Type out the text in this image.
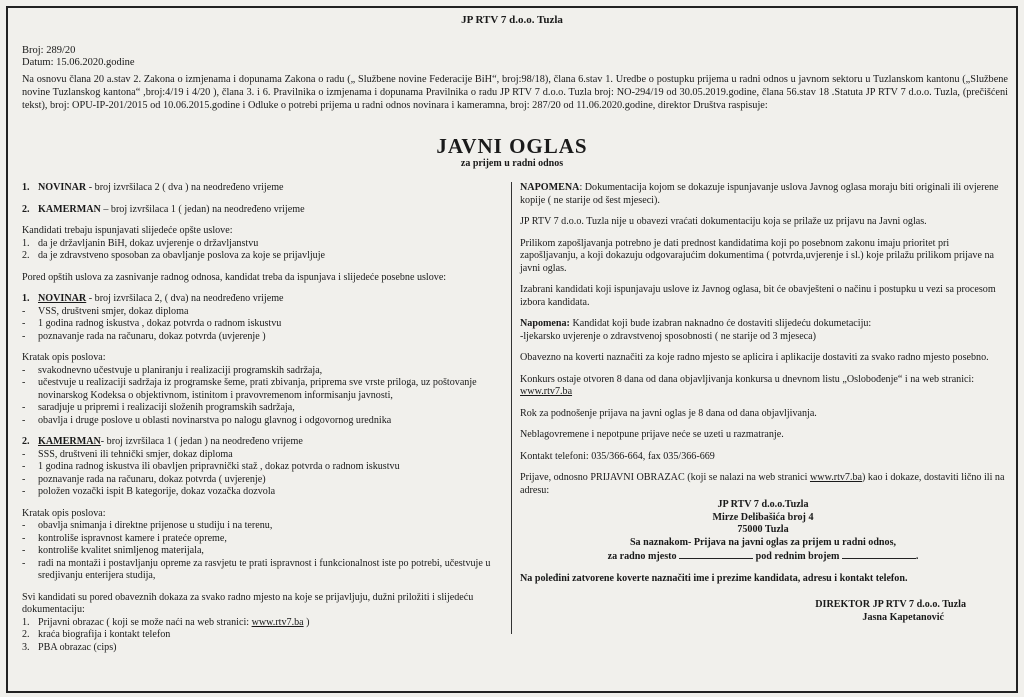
JP RTV 7 d.o.o. Tuzla
Broj: 289/20
Datum: 15.06.2020.godine
Na osnovu člana 20 a.stav 2. Zakona o izmjenama i dopunama Zakona o radu („ Službene novine Federacije BiH“, broj:98/18), člana 6.stav 1. Uredbe o postupku prijema u radni odnos u javnom sektoru u Tuzlanskom kantonu („Službene novine Tuzlanskog kantona“ ,broj:4/19 i 4/20 ), člana 3. i 6. Pravilnika o izmjenama i dopunama Pravilnika o radu JP RTV 7 d.o.o. Tuzla broj: NO-294/19 od 30.05.2019.godine, člana 56.stav 18 .Statuta JP RTV 7 d.o.o. Tuzla, (prečišćeni tekst), broj: OPU-IP-201/2015 od 10.06.2015.godine i Odluke o potrebi prijema u radni odnos novinara i kameramna, broj: 287/20 od 11.06.2020.godine, direktor Društva raspisuje:
JAVNI OGLAS
za prijem u radni odnos
1. NOVINAR - broj izvršilaca 2 ( dva ) na neodređeno vrijeme
2. KAMERMAN – broj izvršilaca 1 ( jedan) na neodređeno vrijeme
Kandidati trebaju ispunjavati slijedeće opšte uslove:
1. da je državljanin BiH, dokaz uvjerenje o državljanstvu
2. da je zdravstveno sposoban za obavljanje poslova za koje se prijavljuje
Pored opštih uslova za zasnivanje radnog odnosa, kandidat treba da ispunjava i slijedeće posebne uslove:
1. NOVINAR - broj izvršilaca 2, ( dva) na neodređeno vrijeme
-	VSS, društveni smjer, dokaz diploma
-	1 godina radnog iskustva , dokaz potvrda o radnom iskustvu
-	poznavanje rada na računaru, dokaz potvrda (uvjerenje )
Kratak opis poslova:
-	svakodnevno učestvuje u planiranju i realizaciji programskih sadržaja,
-	učestvuje u realizaciji sadržaja iz programske šeme, prati zbivanja, priprema sve vrste priloga, uz poštovanje novinarskog Kodeksa o objektivnom, istinitom i pravovremenom informisanju javnosti,
-	saradjuje u pripremi i realizaciji složenih programskih sadržaja,
-	obavlja i druge poslove u oblasti novinarstva po nalogu glavnog i odgovornog urednika
2. KAMERMAN- broj izvršilaca 1 ( jedan ) na neodređeno vrijeme
-	SSS, društveni ili tehnički smjer, dokaz diploma
-	1 godina radnog iskustva ili obavljen pripravnički staž , dokaz potvrda o radnom iskustvu
-	poznavanje rada na računaru, dokaz potvrda ( uvjerenje)
-	položen vozački ispit B kategorije, dokaz vozačka dozvola
Kratak opis poslova:
-	obavlja snimanja i direktne prijenose u studiju i na terenu,
-	kontroliše ispravnost kamere i prateće opreme,
-	kontroliše kvalitet snimljenog materijala,
-	radi na montaži i postavljanju opreme za rasvjetu te prati ispravnost i funkcionalnost iste po potrebi, učestvuje u sredjivanju enterijera studija,
Svi kandidati su pored obaveznih dokaza za svako radno mjesto na koje se prijavljuju, dužni priložiti i slijedeću dokumentaciju:
1. Prijavni obrazac ( koji se može naći na web stranici: www.rtv7.ba )
2. kraća biografija i kontakt telefon
3. PBA obrazac (cips)
NAPOMENA: Dokumentacija kojom se dokazuje ispunjavanje uslova Javnog oglasa moraju biti originali ili ovjerene kopije ( ne starije od šest mjeseci).
JP RTV 7 d.o.o. Tuzla nije u obavezi vraćati dokumentaciju koja se prilaže uz prijavu na Javni oglas.
Prilikom zapošljavanja potrebno je dati prednost kandidatima koji po posebnom zakonu imaju prioritet pri zapošljavanju, a koji dokazuju odgovarajućim dokumentima ( potvrda,uvjerenje i sl.) koje prilažu prilikom prijave na javni oglas.
Izabrani kandidati koji ispunjavaju uslove iz Javnog oglasa, bit će obavješteni o načinu i postupku u vezi sa procesom izbora kandidata.
Napomena: Kandidat koji bude izabran naknadno će dostaviti slijedeću dokumetaciju:
-ljekarsko uvjerenje o zdravstvenoj sposobnosti ( ne starije od 3 mjeseca)
Obavezno na koverti naznačiti za koje radno mjesto se aplicira i aplikacije dostaviti za svako radno mjesto posebno.
Konkurs ostaje otvoren 8 dana od dana objavljivanja konkursa u dnevnom listu „Oslobođenje“ i na web stranici: www.rtv7.ba
Rok za podnošenje prijava na javni oglas je 8 dana od dana objavljivanja.
Neblagovremene i nepotpune prijave neće se uzeti u razmatranje.
Kontakt telefoni: 035/366-664, fax 035/366-669
Prijave, odnosno PRIJAVNI OBRAZAC (koji se nalazi na web stranici www.rtv7.ba) kao i dokaze, dostaviti lično ili na adresu:
JP RTV 7 d.o.o.Tuzla
Mirze Delibašića broj 4
75000 Tuzla
Sa naznakom- Prijava na javni oglas za prijem u radni odnos,
za radno mjesto	pod rednim brojem	.
Na poleđini zatvorene koverte naznačiti ime i prezime kandidata, adresu i kontakt telefon.
DIREKTOR JP RTV 7 d.o.o. Tuzla
Jasna Kapetanović
